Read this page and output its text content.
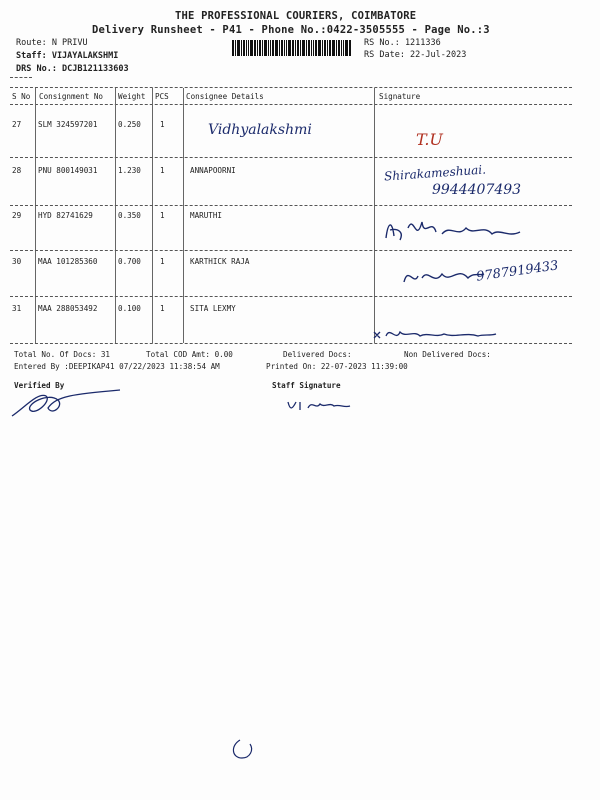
THE PROFESSIONAL COURIERS, COIMBATORE
Delivery Runsheet - P41 - Phone No.:0422-3505555 - Page No.:3
Route: N PRIVU
Staff: VIJAYALAKSHMI
DRS No.: DCJB121133603
RS No.: 1211336
RS Date: 22-Jul-2023
S No Consignment No Weight PCS Consignee Details	Signature
27 SLM 324597201	0.250	1	Vidhyalakshmi	T.U
28 PNU 800149031	1.230	1	ANNAPOORNI	Shirakameshuai.
9944407493
29 HYD 82741629	0.350	1	MARUTHI
30 MAA 101285360	0.700	1	KARTHICK RAJA	9787919433
31 MAA 288053492	0.100	1	SITA LEXMY
Total No. Of Docs: 31	Total COD Amt: 0.00	Delivered Docs:	Non Delivered Docs:
Entered By :DEEPIKAP41 07/22/2023 11:38:54 AM	Printed On: 22-07-2023 11:39:00
Verified By	Staff Signature
